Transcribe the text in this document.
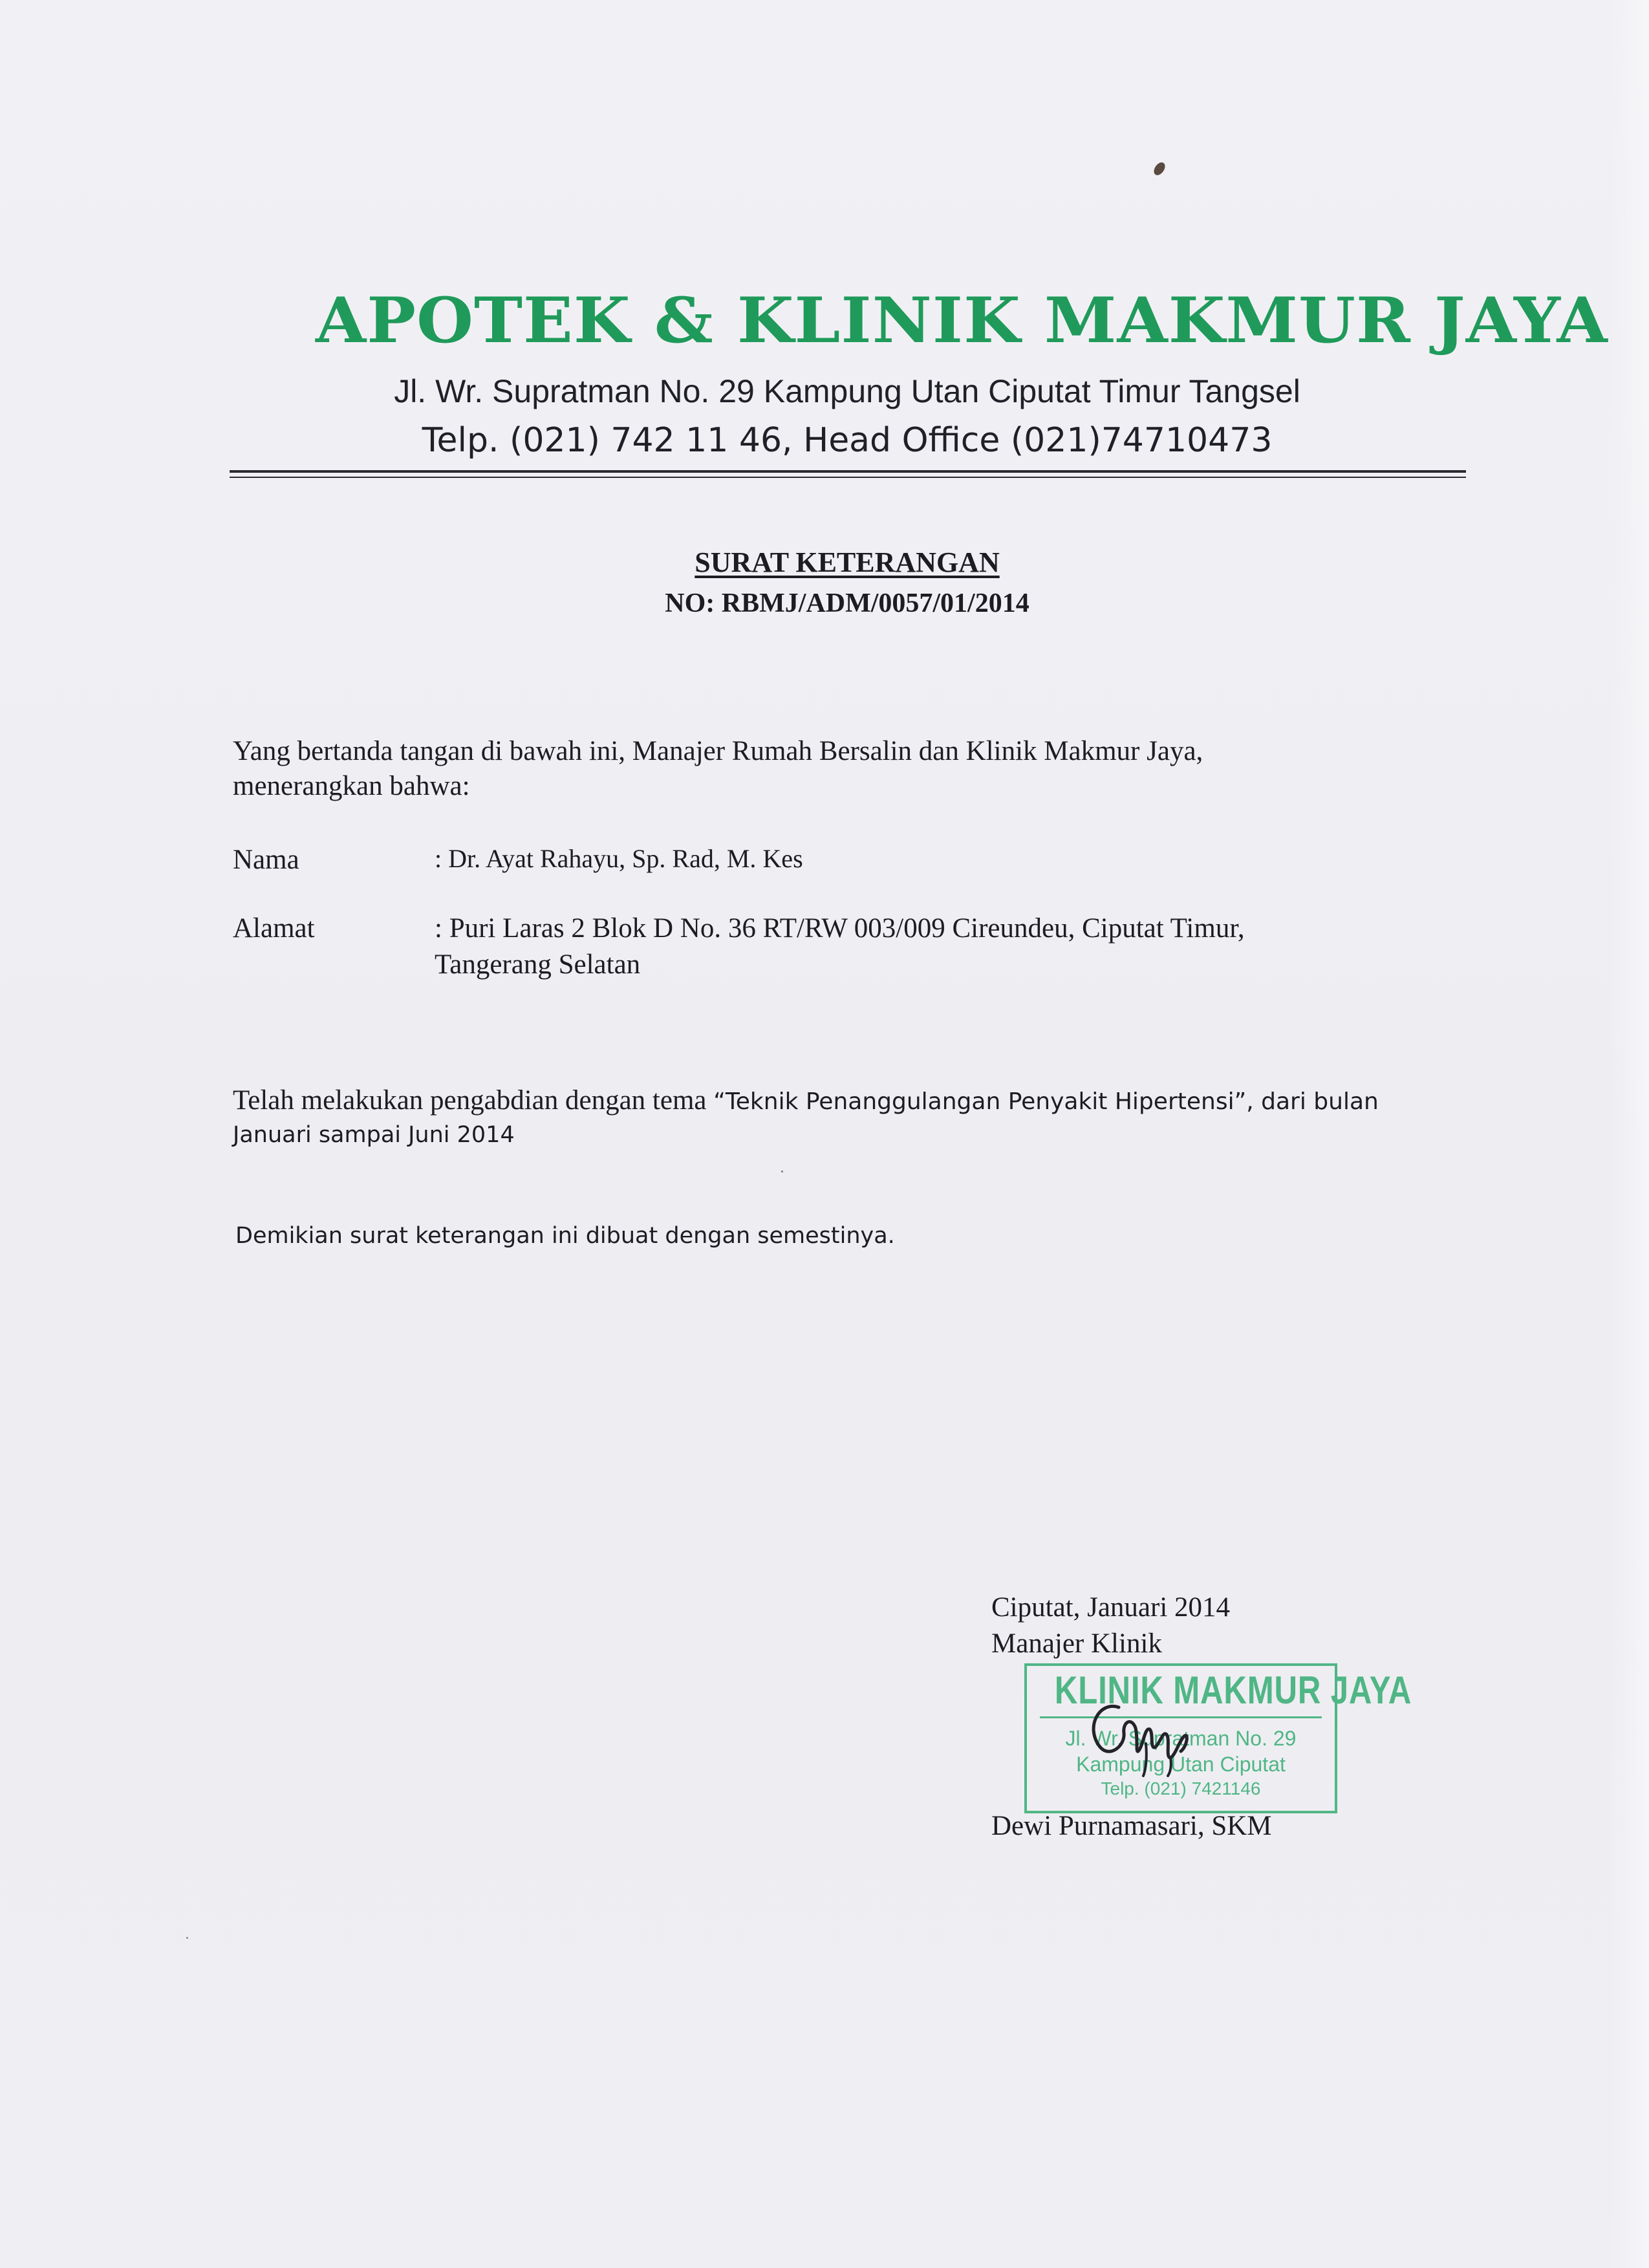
APOTEK & KLINIK MAKMUR JAYA
Jl. Wr. Supratman No. 29 Kampung Utan Ciputat Timur Tangsel
Telp. (021) 742 11 46, Head Office (021)74710473
SURAT KETERANGAN
NO: RBMJ/ADM/0057/01/2014
Yang bertanda tangan di bawah ini, Manajer Rumah Bersalin dan Klinik Makmur Jaya,
menerangkan bahwa:
Nama	: Dr. Ayat Rahayu, Sp. Rad, M. Kes
Alamat	: Puri Laras 2 Blok D No. 36 RT/RW 003/009 Cireundeu, Ciputat Timur,
Tangerang Selatan
Telah melakukan pengabdian dengan tema “Teknik Penanggulangan Penyakit Hipertensi”, dari bulan
Januari sampai Juni 2014
Demikian surat keterangan ini dibuat dengan semestinya.
Ciputat, Januari 2014
Manajer Klinik
KLINIK MAKMUR JAYA
Jl. Wr. Supratman No. 29
Kampung Utan Ciputat
Telp. (021) 7421146
Dewi Purnamasari, SKM
